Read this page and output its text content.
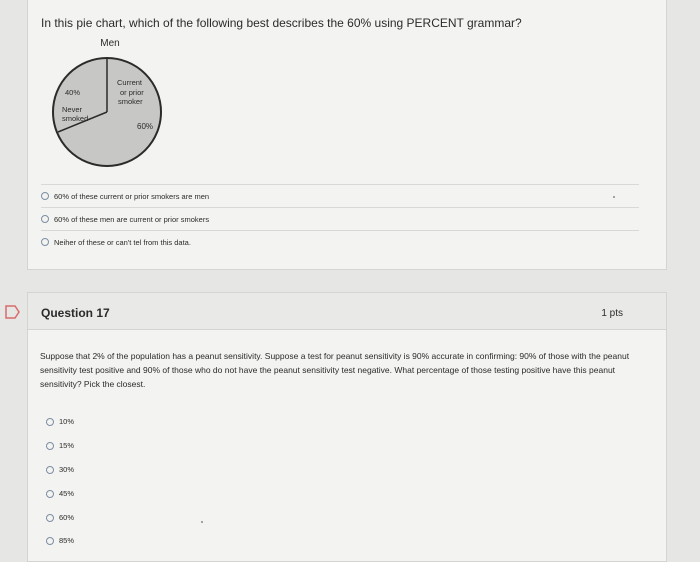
In this pie chart, which of the following best describes the 60% using PERCENT grammar?
Men
40%
Never
smoked
Current
or prior
smoker
60%
60% of these current or prior smokers are men
60% of these men are current or prior smokers
Neiher of these or can't tel from this data.
Question 17	1 pts
Suppose that 2% of the population has a peanut sensitivity. Suppose a test for peanut sensitivity is 90% accurate in confirming: 90% of those with the peanut sensitivity test positive and 90% of those who do not have the peanut sensitivity test negative. What percentage of those testing positive have this peanut sensitivity? Pick the closest.
10%
15%
30%
45%
60%
85%
